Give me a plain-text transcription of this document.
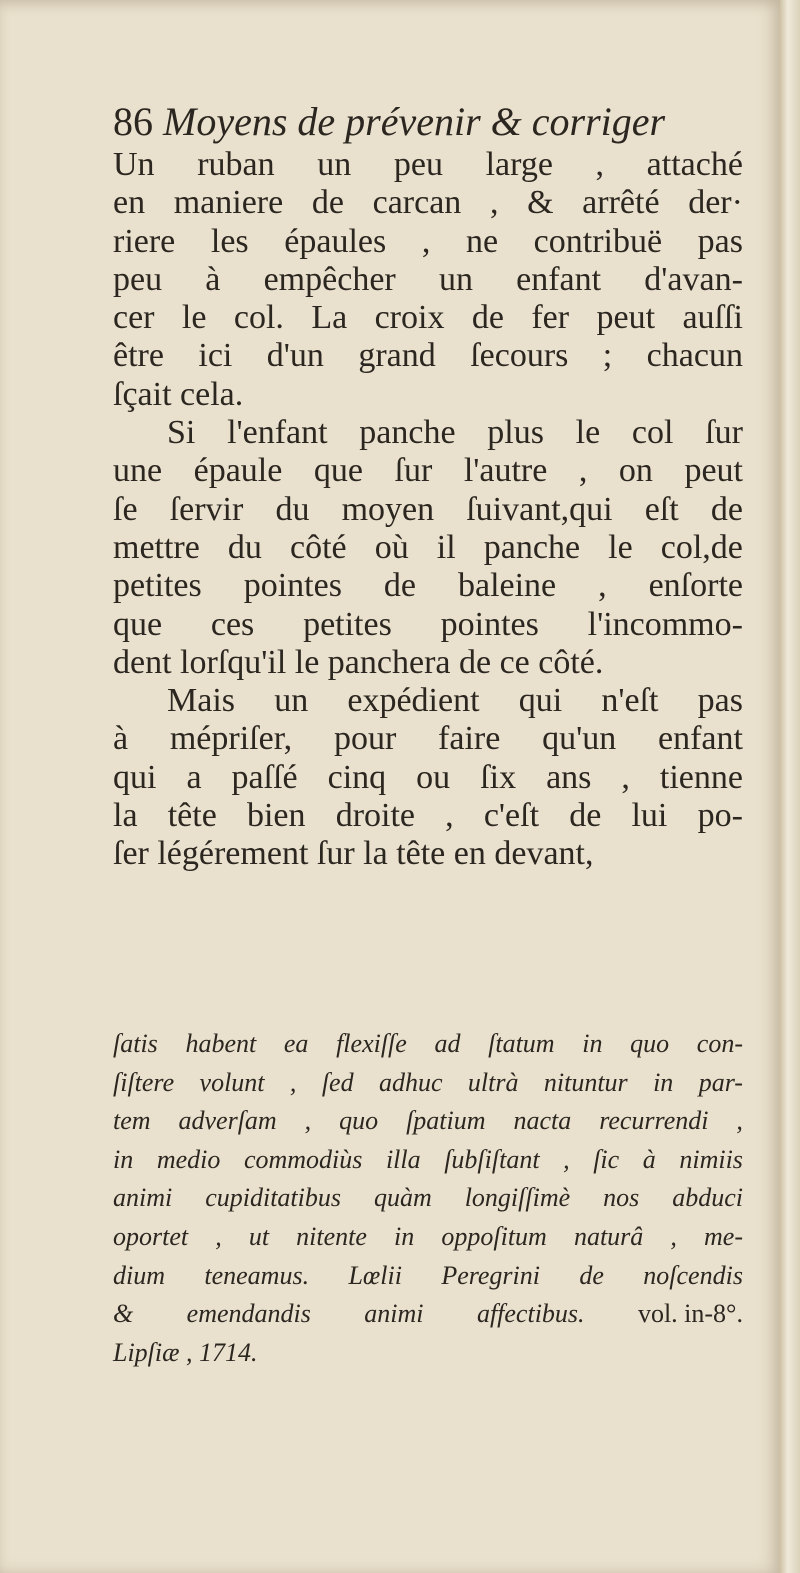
86 Moyens de prévenir & corriger

Un ruban un peu large , attaché

en maniere de carcan , & arrêté der·

riere les épaules , ne contribuë pas

peu à empêcher un enfant d'avan-

cer le col. La croix de fer peut auſſi

être ici d'un grand ſecours ; chacun

ſçait cela.

Si l'enfant panche plus le col ſur

une épaule que ſur l'autre , on peut

ſe ſervir du moyen ſuivant,qui eſt de

mettre du côté où il panche le col,de

petites pointes de baleine , enſorte

que ces petites pointes l'incommo-

dent lorſqu'il le panchera de ce côté.

Mais un expédient qui n'eſt pas

à mépriſer, pour faire qu'un enfant

qui a paſſé cinq ou ſix ans , tienne

la tête bien droite , c'eſt de lui po-

ſer légérement ſur la tête en devant,

ſatis habent ea flexiſſe ad ſtatum in quo con-

ſiſtere volunt , ſed adhuc ultrà nituntur in par-

tem adverſam , quo ſpatium nacta recurrendi ,

in medio commodiùs illa ſubſiſtant , ſic à nimiis

animi cupiditatibus quàm longiſſimè nos abduci

oportet , ut nitente in oppoſitum naturâ , me-

dium teneamus. Lœlii Peregrini de noſcendis

& emendandis animi affectibus. vol. in-8°.

Lipſiæ , 1714.
